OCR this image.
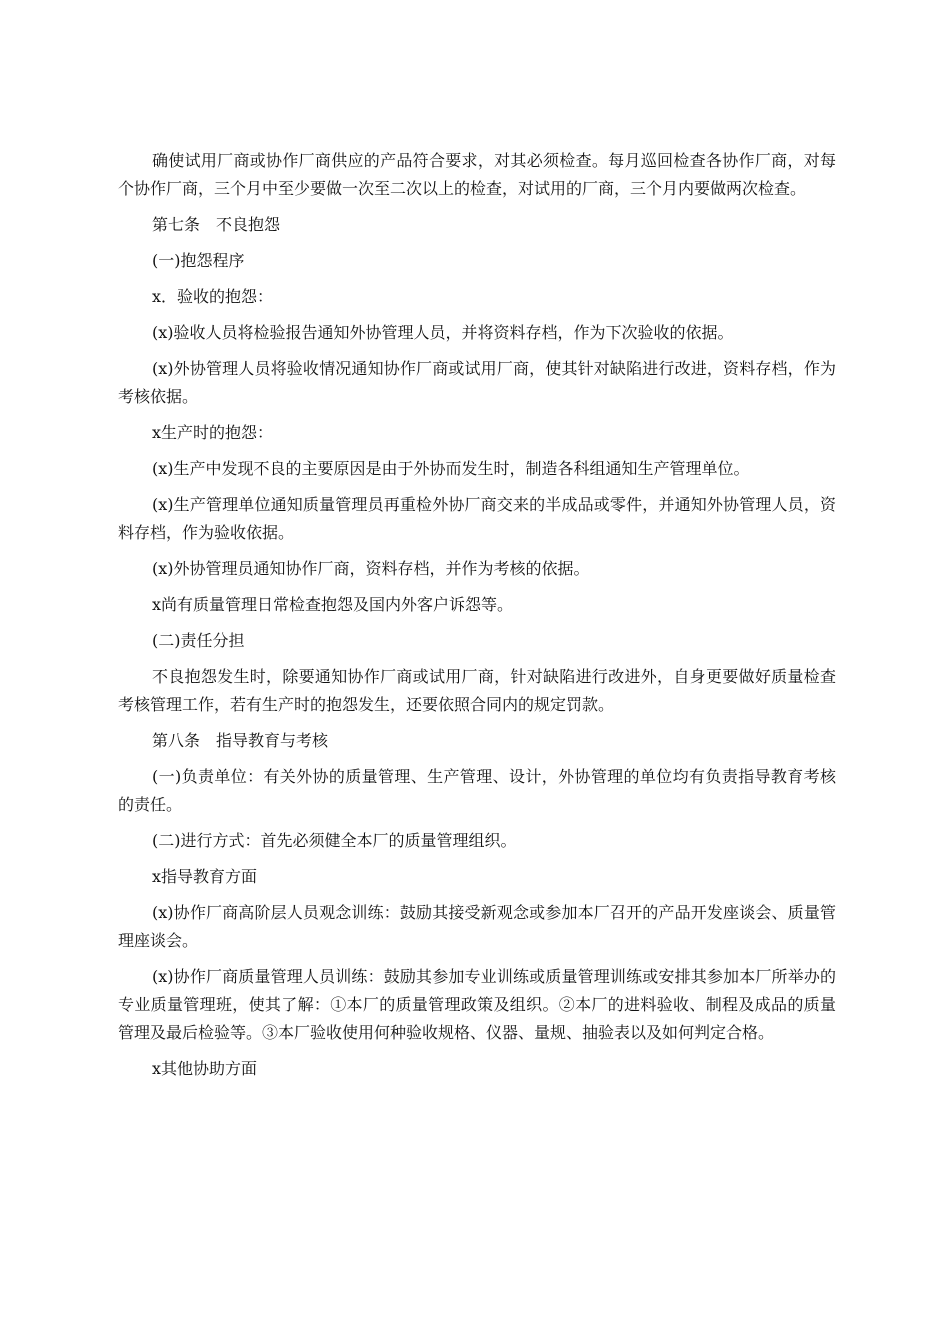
确使试用厂商或协作厂商供应的产品符合要求，对其必须检查。每月巡回检查各协作厂商，对每个协作厂商，三个月中至少要做一次至二次以上的检查，对试用的厂商，三个月内要做两次检查。

第七条　不良抱怨

(一)抱怨程序

x．验收的抱怨：

(x)验收人员将检验报告通知外协管理人员，并将资料存档，作为下次验收的依据。

(x)外协管理人员将验收情况通知协作厂商或试用厂商，使其针对缺陷进行改进，资料存档，作为考核依据。

x生产时的抱怨：

(x)生产中发现不良的主要原因是由于外协而发生时，制造各科组通知生产管理单位。

(x)生产管理单位通知质量管理员再重检外协厂商交来的半成品或零件，并通知外协管理人员，资料存档，作为验收依据。

(x)外协管理员通知协作厂商，资料存档，并作为考核的依据。

x尚有质量管理日常检查抱怨及国内外客户诉怨等。

(二)责任分担

不良抱怨发生时，除要通知协作厂商或试用厂商，针对缺陷进行改进外，自身更要做好质量检查考核管理工作，若有生产时的抱怨发生，还要依照合同内的规定罚款。

第八条　指导教育与考核

(一)负责单位：有关外协的质量管理、生产管理、设计，外协管理的单位均有负责指导教育考核的责任。

(二)进行方式：首先必须健全本厂的质量管理组织。

x指导教育方面

(x)协作厂商高阶层人员观念训练：鼓励其接受新观念或参加本厂召开的产品开发座谈会、质量管理座谈会。

(x)协作厂商质量管理人员训练：鼓励其参加专业训练或质量管理训练或安排其参加本厂所举办的专业质量管理班，使其了解：①本厂的质量管理政策及组织。②本厂的进料验收、制程及成品的质量管理及最后检验等。③本厂验收使用何种验收规格、仪器、量规、抽验表以及如何判定合格。

x其他协助方面
